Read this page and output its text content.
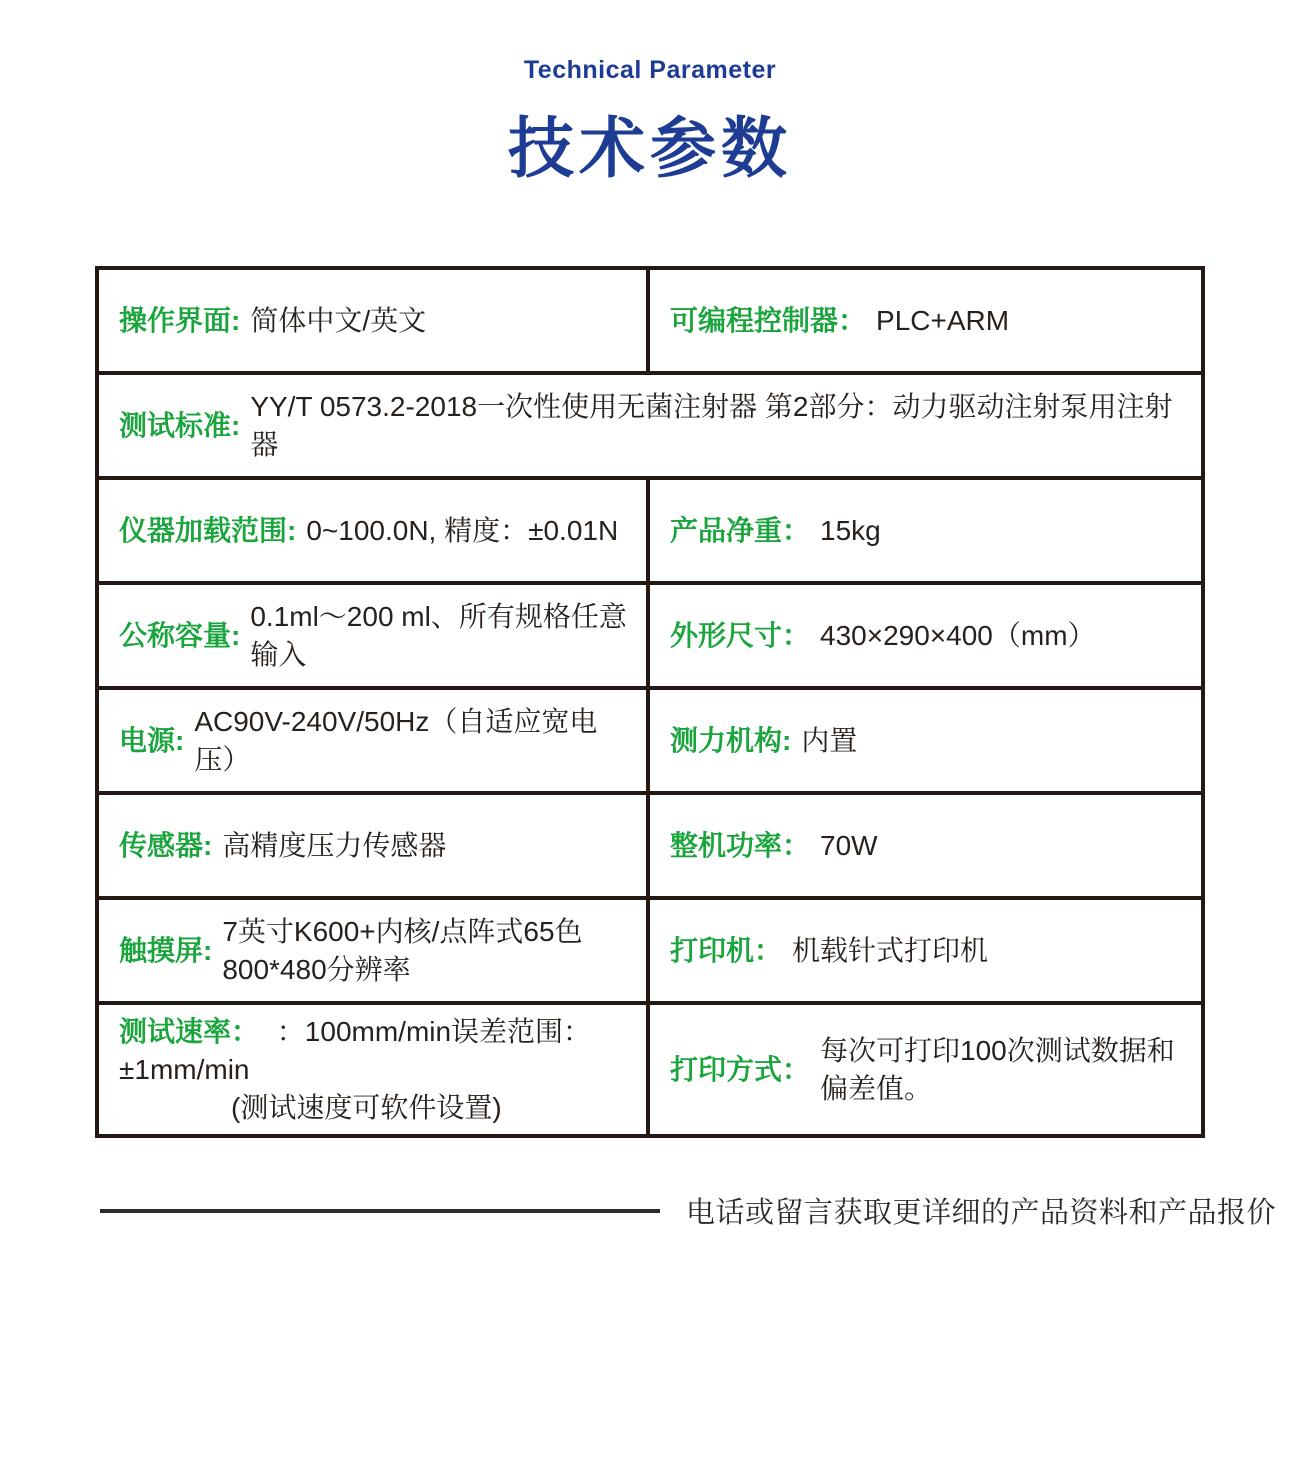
Technical Parameter
技术参数
操作界面: 简体中文/英文	可编程控制器： PLC+ARM
测试标准:
YY/T 0573.2-2018一次性使用无菌注射器 第2部分：动力驱动注射泵用注射器
仪器加载范围: 0~100.0N, 精度：±0.01N 产品净重： 15kg
公称容量:
0.1ml～200 ml、所有规格任意输入
外形尺寸： 430×290×400（mm）
电源:
AC90V-240V/50Hz（自适应宽电压）
测力机构: 内置
传感器: 高精度压力传感器	整机功率： 70W
触摸屏:
7英寸K600+内核/点阵式65色800*480分辨率
打印机： 机载针式打印机
测试速率： ：100mm/min误差范围：±1mm/min
(测试速度可软件设置)
打印方式：
每次可打印100次测试数据和偏差值。
电话或留言获取更详细的产品资料和产品报价
